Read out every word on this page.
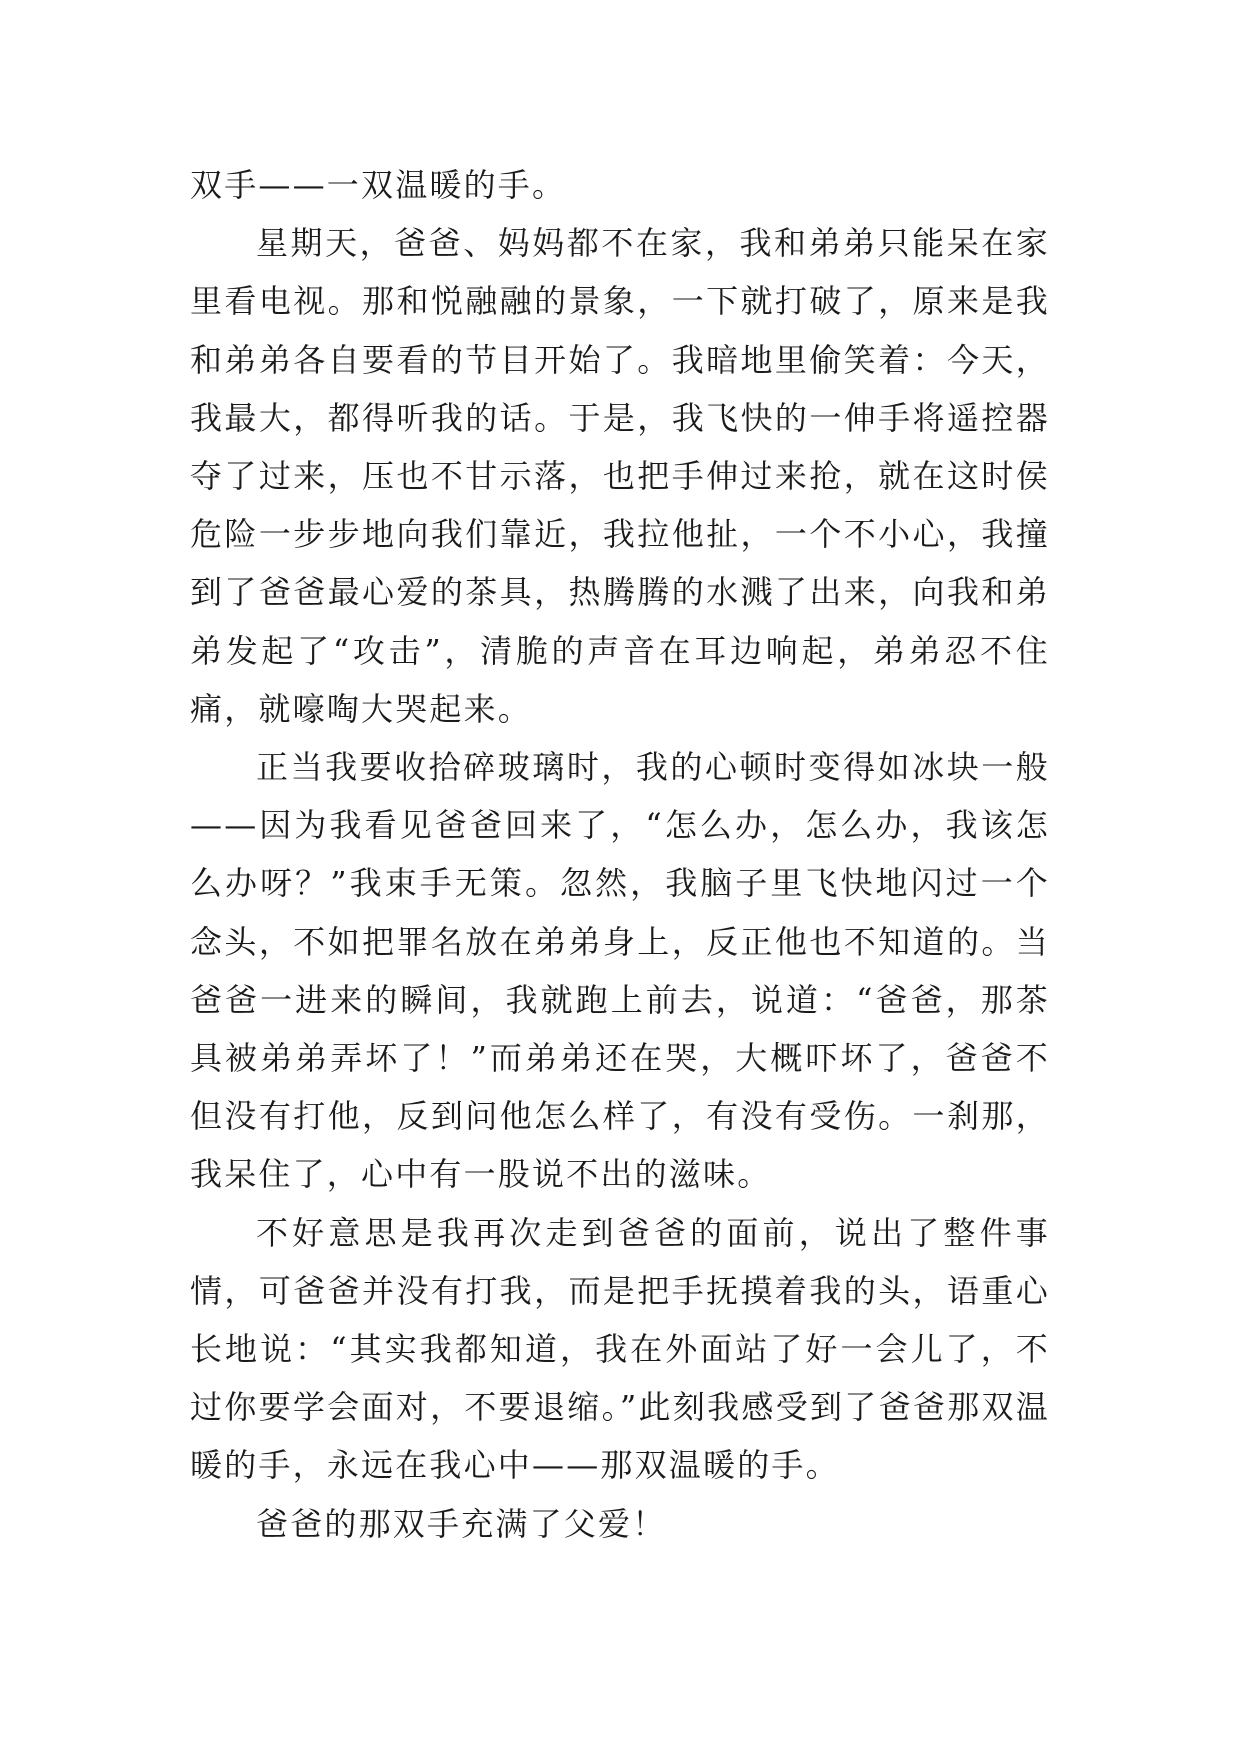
双手——一双温暖的手。

星期天，爸爸、妈妈都不在家，我和弟弟只能呆在家里看电视。那和悦融融的景象，一下就打破了，原来是我和弟弟各自要看的节目开始了。我暗地里偷笑着：今天，我最大，都得听我的话。于是，我飞快的一伸手将遥控器夺了过来，压也不甘示落，也把手伸过来抢，就在这时侯危险一步步地向我们靠近，我拉他扯，一个不小心，我撞到了爸爸最心爱的茶具，热腾腾的水溅了出来，向我和弟弟发起了“攻击”，清脆的声音在耳边响起，弟弟忍不住痛，就嚎啕大哭起来。

正当我要收拾碎玻璃时，我的心顿时变得如冰块一般——因为我看见爸爸回来了，“怎么办，怎么办，我该怎么办呀？”我束手无策。忽然，我脑子里飞快地闪过一个念头，不如把罪名放在弟弟身上，反正他也不知道的。当爸爸一进来的瞬间，我就跑上前去，说道：“爸爸，那茶具被弟弟弄坏了！”而弟弟还在哭，大概吓坏了，爸爸不但没有打他，反到问他怎么样了，有没有受伤。一刹那，我呆住了，心中有一股说不出的滋味。

不好意思是我再次走到爸爸的面前，说出了整件事情，可爸爸并没有打我，而是把手抚摸着我的头，语重心长地说：“其实我都知道，我在外面站了好一会儿了，不过你要学会面对，不要退缩。”此刻我感受到了爸爸那双温暖的手，永远在我心中——那双温暖的手。

爸爸的那双手充满了父爱！
